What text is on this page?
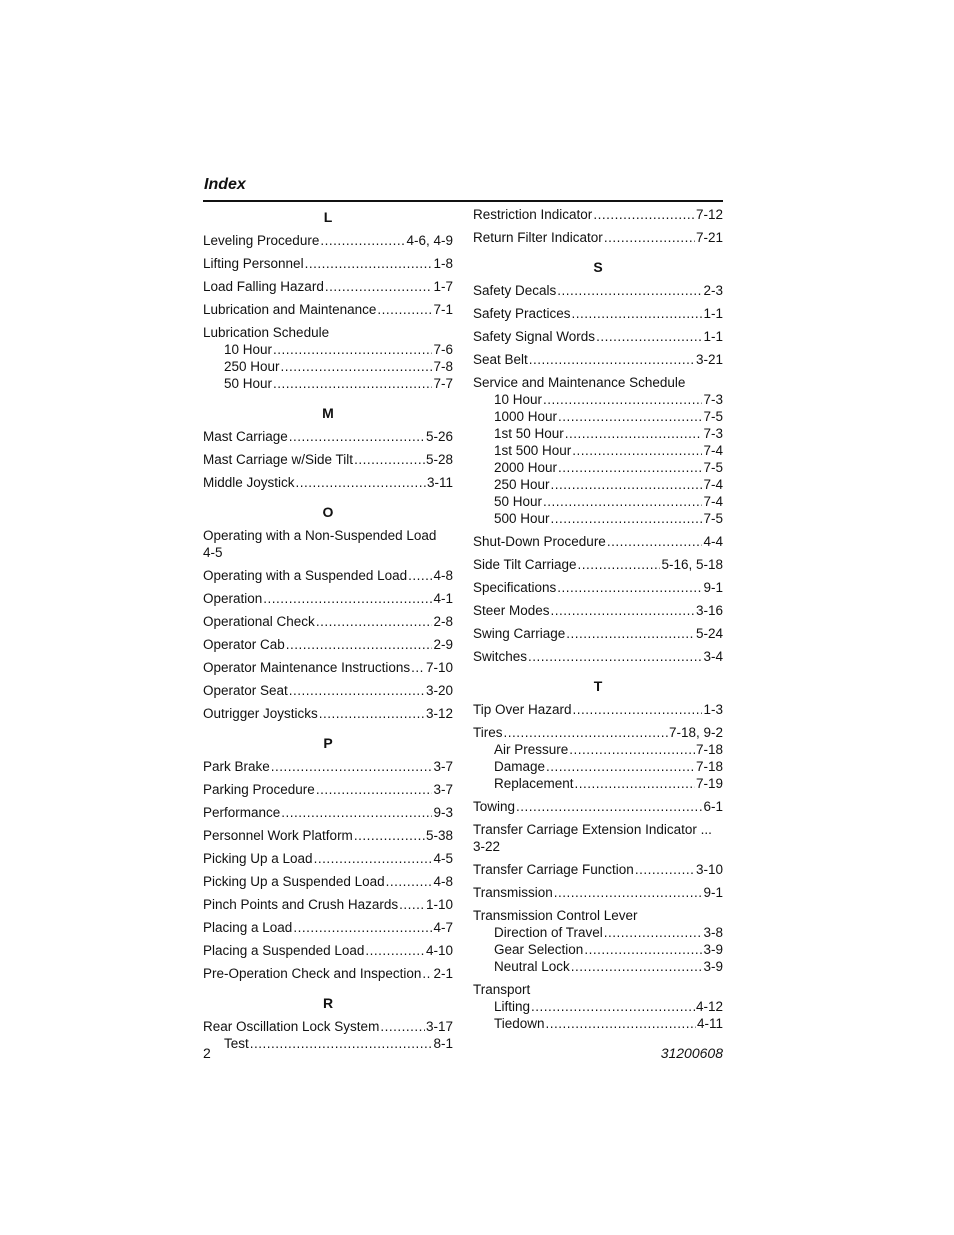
Index
L
Leveling Procedure .....	4-6, 4-9
Lifting Personnel .....	1-8
Load Falling Hazard .....	1-7
Lubrication and Maintenance .....	7-1
Lubrication Schedule
10 Hour .....	7-6
250 Hour .....	7-8
50 Hour .....	7-7
M
Mast Carriage .....	5-26
Mast Carriage w/Side Tilt .....	5-28
Middle Joystick .....	3-11
O
Operating with a Non-Suspended Load
4-5
Operating with a Suspended Load ..... 4-8
Operation .....	4-1
Operational Check .....	2-8
Operator Cab .....	2-9
Operator Maintenance Instructions ..... 7-10
Operator Seat .....	3-20
Outrigger Joysticks .....	3-12
P
Park Brake .....	3-7
Parking Procedure .....	3-7
Performance .....	9-3
Personnel Work Platform .....	5-38
Picking Up a Load .....	4-5
Picking Up a Suspended Load .....	4-8
Pinch Points and Crush Hazards ..... 1-10
Placing a Load .....	4-7
Placing a Suspended Load .....	4-10
Pre-Operation Check and Inspection ..... 2-1
R
Rear Oscillation Lock System .....	3-17
Test .....	8-1
Restriction Indicator .....	7-12
Return Filter Indicator .....	7-21
S
Safety Decals .....	2-3
Safety Practices .....	1-1
Safety Signal Words .....	1-1
Seat Belt .....	3-21
Service and Maintenance Schedule
10 Hour .....	7-3
1000 Hour .....	7-5
1st 50 Hour .....	7-3
1st 500 Hour .....	7-4
2000 Hour .....	7-5
250 Hour .....	7-4
50 Hour .....	7-4
500 Hour .....	7-5
Shut-Down Procedure .....	4-4
Side Tilt Carriage .....	5-16, 5-18
Specifications .....	9-1
Steer Modes .....	3-16
Swing Carriage .....	5-24
Switches .....	3-4
T
Tip Over Hazard .....	1-3
Tires .....	7-18, 9-2
Air Pressure .....	7-18
Damage .....	7-18
Replacement .....	7-19
Towing .....	6-1
Transfer Carriage Extension Indicator ...
3-22
Transfer Carriage Function .....	3-10
Transmission .....	9-1
Transmission Control Lever
Direction of Travel .....	3-8
Gear Selection .....	3-9
Neutral Lock .....	3-9
Transport
Lifting .....	4-12
Tiedown .....	4-11
2	31200608
